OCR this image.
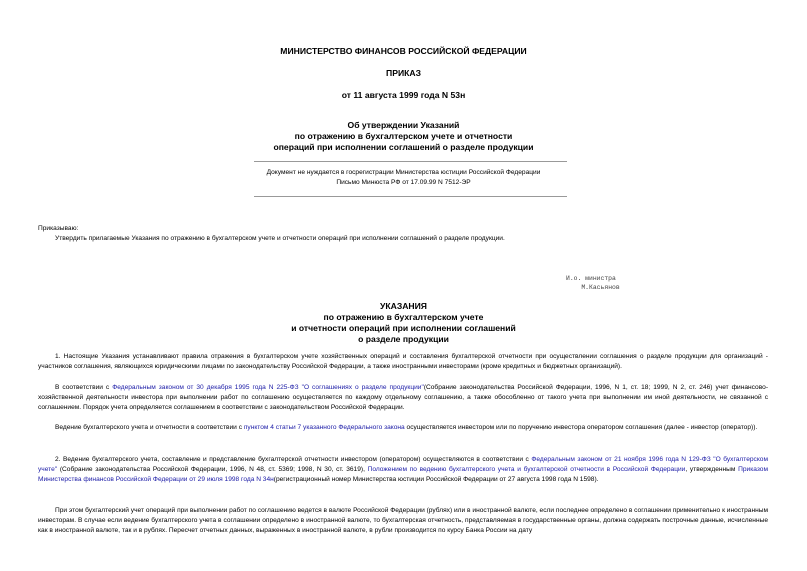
МИНИСТЕРСТВО ФИНАНСОВ РОССИЙСКОЙ ФЕДЕРАЦИИ
ПРИКАЗ
от 11 августа 1999 года N 53н
Об утверждении Указаний
по отражению в бухгалтерском учете и отчетности
операций при исполнении соглашений о разделе продукции
Документ не нуждается в госрегистрации Министерства юстиции Российской Федерации
Письмо Минюста РФ от 17.09.99 N 7512-ЭР
Приказываю:
Утвердить прилагаемые Указания по отражению в бухгалтерском учете и отчетности операций при исполнении соглашений о разделе продукции.
И.о. министра
М.Касьянов
УКАЗАНИЯ
по отражению в бухгалтерском учете
и отчетности операций при исполнении соглашений
о разделе продукции
1. Настоящие Указания устанавливают правила отражения в бухгалтерском учете хозяйственных операций и составления бухгалтерской отчетности при осуществлении соглашения о разделе продукции для организаций - участников соглашения, являющихся юридическими лицами по законодательству Российской Федерации, а также иностранными инвесторами (кроме кредитных и бюджетных организаций).
В соответствии с Федеральным законом от 30 декабря 1995 года N 225-ФЗ "О соглашениях о разделе продукции"(Собрание законодательства Российской Федерации, 1996, N 1, ст. 18; 1999, N 2, ст. 246) учет финансово-хозяйственной деятельности инвестора при выполнении работ по соглашению осуществляется по каждому отдельному соглашению, а также обособленно от такого учета при выполнении им иной деятельности, не связанной с соглашением. Порядок учета определяется соглашением в соответствии с законодательством Российской Федерации.
Ведение бухгалтерского учета и отчетности в соответствии с пунктом 4 статьи 7 указанного Федерального закона осуществляется инвестором или по поручению инвестора оператором соглашения (далее - инвестор (оператор)).
2. Ведение бухгалтерского учета, составление и представление бухгалтерской отчетности инвестором (оператором) осуществляются в соответствии с Федеральным законом от 21 ноября 1996 года N 129-ФЗ "О бухгалтерском учете" (Собрание законодательства Российской Федерации, 1996, N 48, ст. 5369; 1998, N 30, ст. 3619), Положением по ведению бухгалтерского учета и бухгалтерской отчетности в Российской Федерации, утвержденным Приказом Министерства финансов Российской Федерации от 29 июля 1998 года N 34н(регистрационный номер Министерства юстиции Российской Федерации от 27 августа 1998 года N 1598).
При этом бухгалтерский учет операций при выполнении работ по соглашению ведется в валюте Российской Федерации (рублях) или в иностранной валюте, если последнее определено в соглашении применительно к иностранным инвесторам. В случае если ведение бухгалтерского учета в соглашении определено в иностранной валюте, то бухгалтерская отчетность, представляемая в государственные органы, должна содержать построчные данные, исчисленные как в иностранной валюте, так и в рублях. Пересчет отчетных данных, выраженных в иностранной валюте, в рубли производится по курсу Банка России на дату
